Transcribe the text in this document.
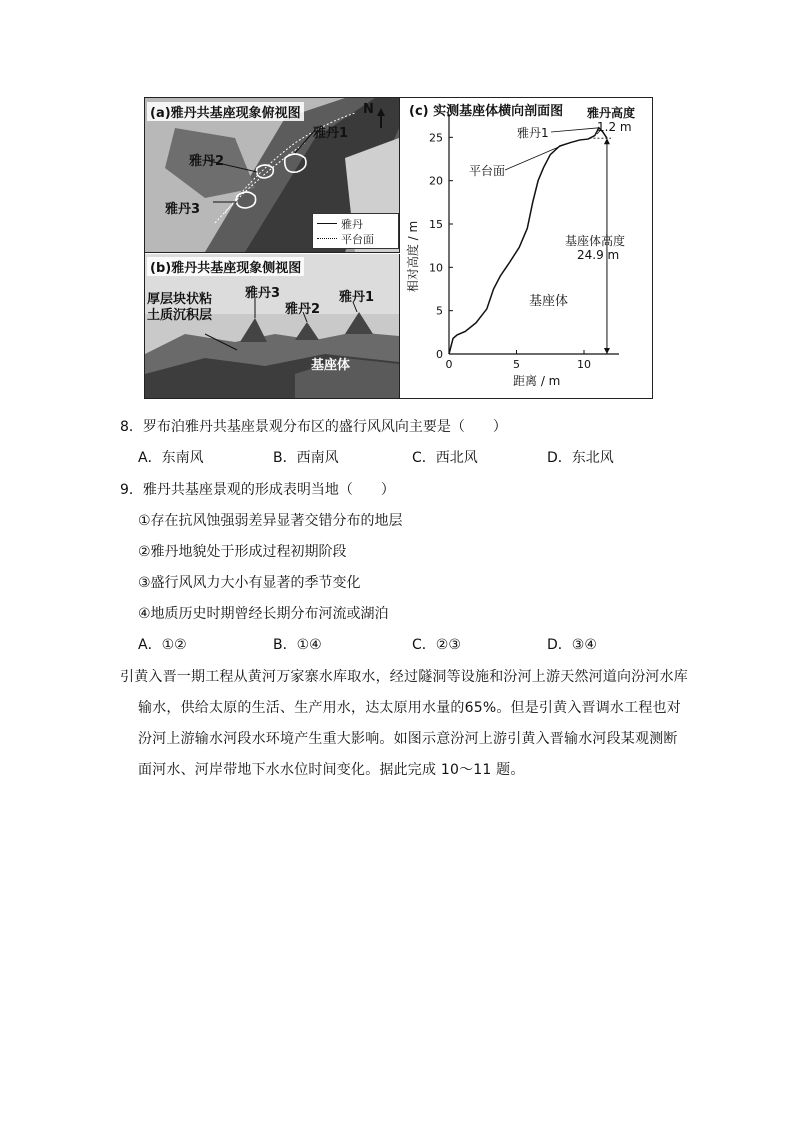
(a)雅丹共基座现象俯视图	N
雅丹1
雅丹2
雅丹3
雅丹
平台面
(b)雅丹共基座现象侧视图
厚层块状粘
土质沉积层
雅丹3
雅丹2
雅丹1
基座体
0
5
10
15
20
25
0	5	10
(c) 实测基座体横向剖面图 雅丹高度
1.2 m
雅丹1
平台面
基座体高度
24.9 m
基座体
距离 / m
相对高度 / m
8．罗布泊雅丹共基座景观分布区的盛行风风向主要是（　　）
A．东南风	B．西南风	C．西北风	D．东北风
9．雅丹共基座景观的形成表明当地（　　）
①存在抗风蚀强弱差异显著交错分布的地层
②雅丹地貌处于形成过程初期阶段
③盛行风风力大小有显著的季节变化
④地质历史时期曾经长期分布河流或湖泊
A．①②	B．①④	C．②③	D．③④
引黄入晋一期工程从黄河万家寨水库取水，经过隧洞等设施和汾河上游天然河道向汾河水库
输水，供给太原的生活、生产用水，达太原用水量的65%。但是引黄入晋调水工程也对
汾河上游输水河段水环境产生重大影响。如图示意汾河上游引黄入晋输水河段某观测断
面河水、河岸带地下水水位时间变化。据此完成 10～11 题。
